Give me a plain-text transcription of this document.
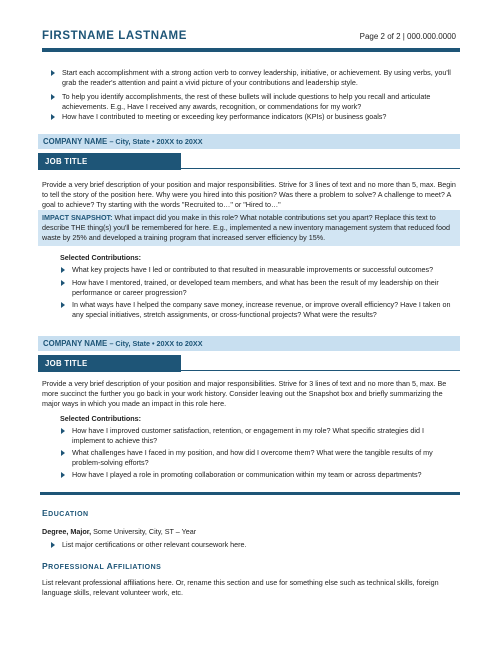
FIRSTNAME LASTNAME	Page 2 of 2 | 000.000.0000
Start each accomplishment with a strong action verb to convey leadership, initiative, or achievement. By using verbs, you'll grab the reader's attention and paint a vivid picture of your contributions and leadership style.
To help you identify accomplishments, the rest of these bullets will include questions to help you recall and articulate achievements. E.g., Have I received any awards, recognition, or commendations for my work?
How have I contributed to meeting or exceeding key performance indicators (KPIs) or business goals?
COMPANY NAME – City, State • 20XX to 20XX
JOB TITLE
Provide a very brief description of your position and major responsibilities. Strive for 3 lines of text and no more than 5, max. Begin to tell the story of the position here. Why were you hired into this position? Was there a problem to solve? A challenge to meet? A goal to achieve? Try starting with the words "Recruited to…" or "Hired to…"
IMPACT SNAPSHOT: What impact did you make in this role? What notable contributions set you apart? Replace this text to describe THE thing(s) you'll be remembered for here. E.g., implemented a new inventory management system that reduced food waste by 25% and developed a training program that increased server efficiency by 15%.
Selected Contributions:
What key projects have I led or contributed to that resulted in measurable improvements or successful outcomes?
How have I mentored, trained, or developed team members, and what has been the result of my leadership on their performance or career progression?
In what ways have I helped the company save money, increase revenue, or improve overall efficiency? Have I taken on any special initiatives, stretch assignments, or cross-functional projects? What were the results?
COMPANY NAME – City, State • 20XX to 20XX
JOB TITLE
Provide a very brief description of your position and major responsibilities. Strive for 3 lines of text and no more than 5, max. Be more succinct the further you go back in your work history. Consider leaving out the Snapshot box and briefly summarizing the major ways in which you made an impact in this role here.
Selected Contributions:
How have I improved customer satisfaction, retention, or engagement in my role? What specific strategies did I implement to achieve this?
What challenges have I faced in my position, and how did I overcome them? What were the tangible results of my problem-solving efforts?
How have I played a role in promoting collaboration or communication within my team or across departments?
EDUCATION
Degree, Major, Some University, City, ST – Year
List major certifications or other relevant coursework here.
PROFESSIONAL AFFILIATIONS
List relevant professional affiliations here. Or, rename this section and use for something else such as technical skills, foreign language skills, relevant volunteer work, etc.
